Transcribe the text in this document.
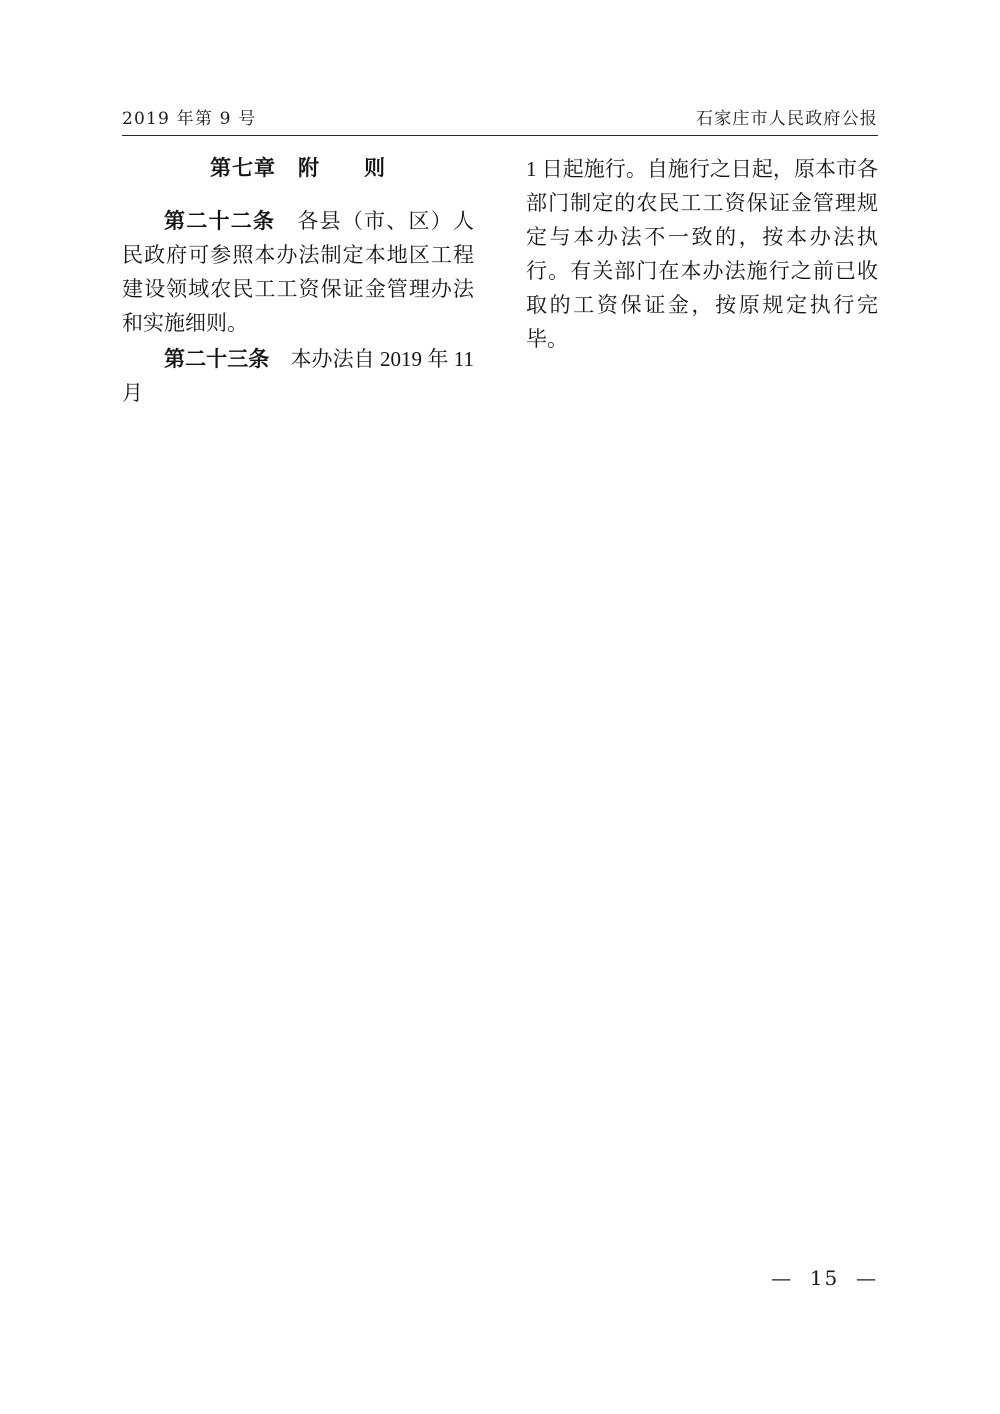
2019 年第 9 号	石家庄市人民政府公报
第七章　附　　则

第二十二条　各县（市、区）人民政府可参照本办法制定本地区工程建设领域农民工工资保证金管理办法和实施细则。

第二十三条　本办法自 2019 年 11 月

1 日起施行。自施行之日起，原本市各部门制定的农民工工资保证金管理规定与本办法不一致的，按本办法执行。有关部门在本办法施行之前已收取的工资保证金，按原规定执行完毕。

—  15  —
